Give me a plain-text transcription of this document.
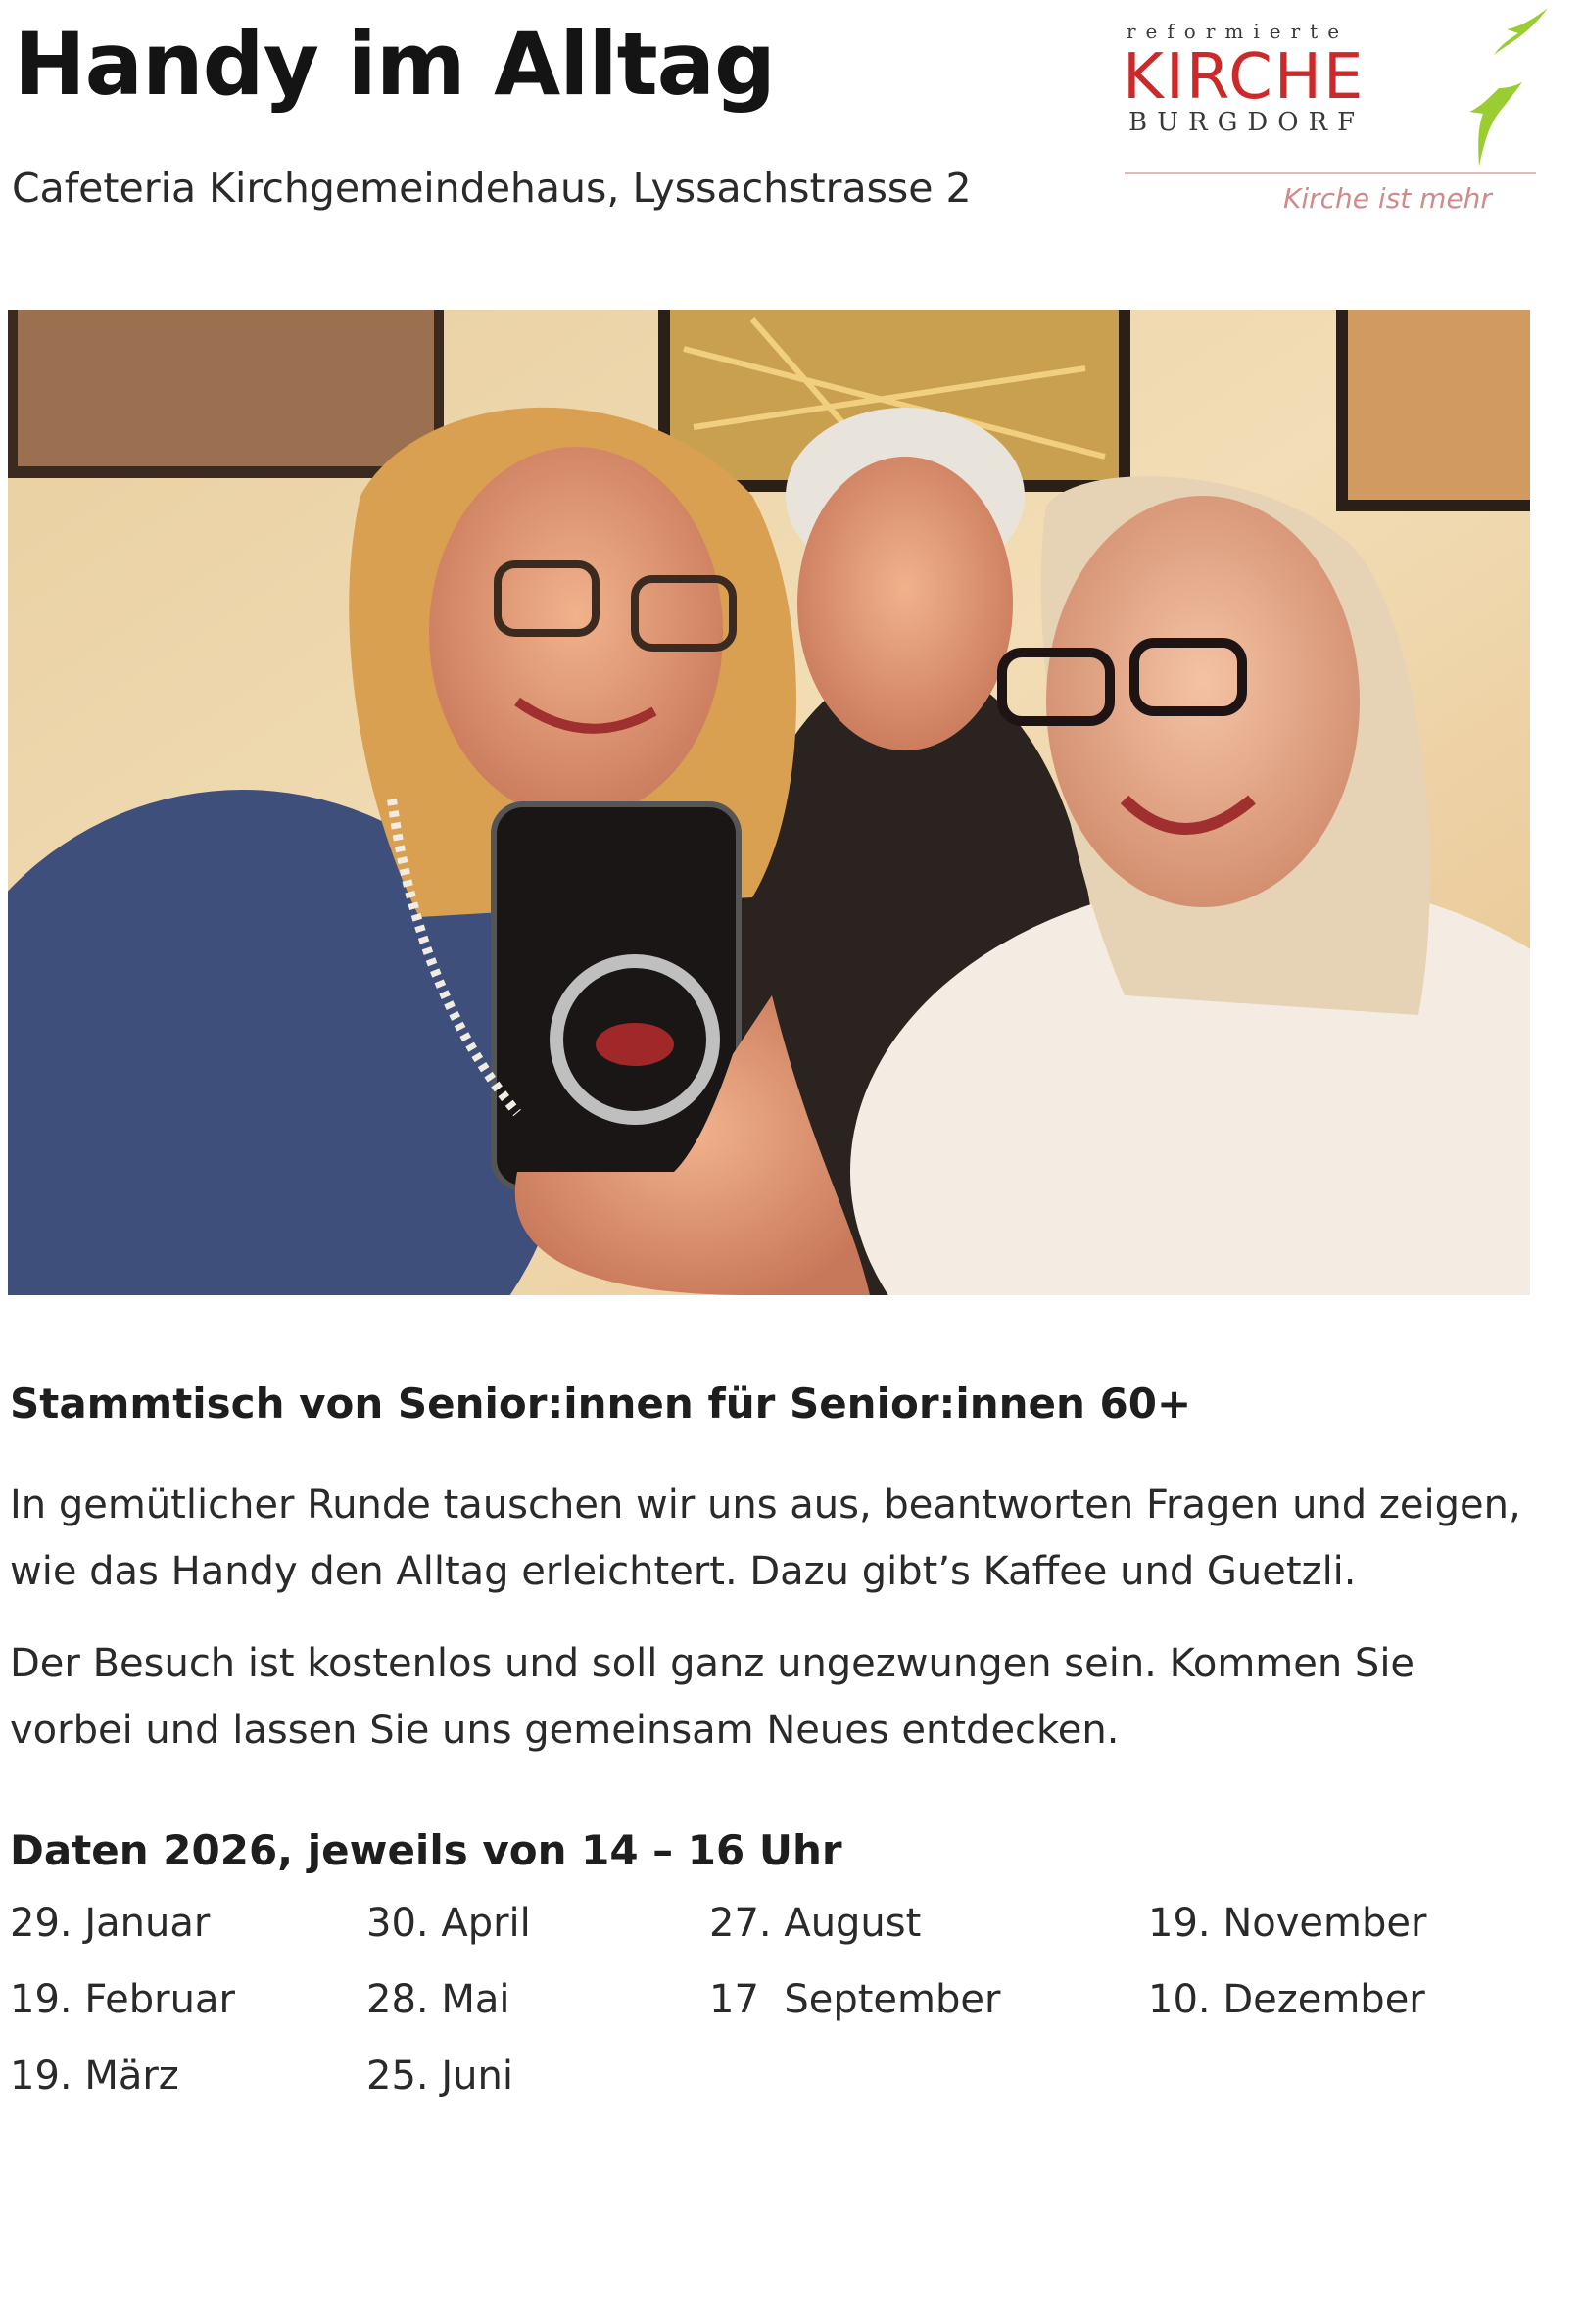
Handy im Alltag
Cafeteria Kirchgemeindehaus, Lyssachstrasse 2
reformierte
KIRCHE
BURGDORF
Kirche ist mehr
Stammtisch von Senior:innen für Senior:innen 60+
In gemütlicher Runde tauschen wir uns aus, beantworten Fragen und zeigen, wie das Handy den Alltag erleichtert. Dazu gibt’s Kaffee und Guetzli.
Der Besuch ist kostenlos und soll ganz ungezwungen sein. Kommen Sie vorbei und lassen Sie uns gemeinsam Neues entdecken.
Daten 2026, jeweils von 14 – 16 Uhr
29. Januar
19. Februar
19. März
30. April
28. Mai
25. Juni
27. August
17  September
19. November
10. Dezember
